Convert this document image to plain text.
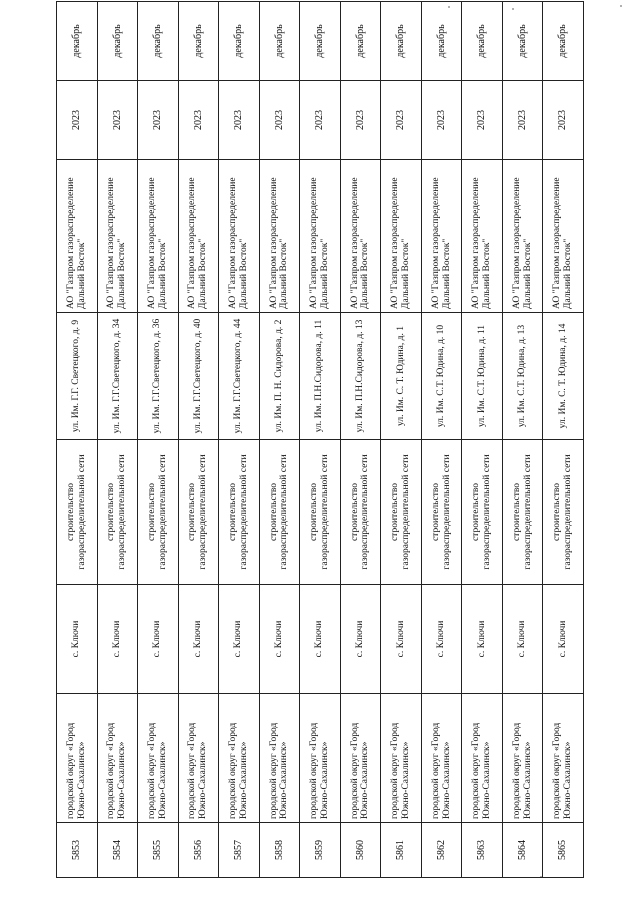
5853	городской округ «Город Южно-Сахалинск»	с. Ключи	строительство газораспределительной сети	ул. Им. Г.Г. Светецкого, д. 9	АО "Газпром газораспределение Дальний Восток"	2023	декабрь
5854	городской округ «Город Южно-Сахалинск»	с. Ключи	строительство газораспределительной сети	ул. Им. Г.Г.Светецкого, д. 34	АО "Газпром газораспределение Дальний Восток"	2023	декабрь
5855	городской округ «Город Южно-Сахалинск»	с. Ключи	строительство газораспределительной сети	ул. Им. Г.Г.Светецкого, д. 36	АО "Газпром газораспределение Дальний Восток"	2023	декабрь
5856	городской округ «Город Южно-Сахалинск»	с. Ключи	строительство газораспределительной сети	ул. Им. Г.Г.Светецкого, д. 40	АО "Газпром газораспределение Дальний Восток"	2023	декабрь
5857	городской округ «Город Южно-Сахалинск»	с. Ключи	строительство газораспределительной сети	ул. Им. Г.Г.Светецкого, д. 44	АО "Газпром газораспределение Дальний Восток"	2023	декабрь
5858	городской округ «Город Южно-Сахалинск»	с. Ключи	строительство газораспределительной сети	ул. Им. П. Н. Сидорова, д. 2	АО "Газпром газораспределение Дальний Восток"	2023	декабрь
5859	городской округ «Город Южно-Сахалинск»	с. Ключи	строительство газораспределительной сети	ул. Им. П.Н.Сидорова, д. 11	АО "Газпром газораспределение Дальний Восток"	2023	декабрь
5860	городской округ «Город Южно-Сахалинск»	с. Ключи	строительство газораспределительной сети	ул. Им. П.Н.Сидорова, д. 13	АО "Газпром газораспределение Дальний Восток"	2023	декабрь
5861	городской округ «Город Южно-Сахалинск»	с. Ключи	строительство газораспределительной сети	ул. Им. С. Т. Юдина, д. 1	АО "Газпром газораспределение Дальний Восток"	2023	декабрь
5862	городской округ «Город Южно-Сахалинск»	с. Ключи	строительство газораспределительной сети	ул. Им. С.Т. Юдина, д. 10	АО "Газпром газораспределение Дальний Восток"	2023	декабрь
5863	городской округ «Город Южно-Сахалинск»	с. Ключи	строительство газораспределительной сети	ул. Им. С.Т. Юдина, д. 11	АО "Газпром газораспределение Дальний Восток"	2023	декабрь
5864	городской округ «Город Южно-Сахалинск»	с. Ключи	строительство газораспределительной сети	ул. Им. С.Т. Юдина, д. 13	АО "Газпром газораспределение Дальний Восток"	2023	декабрь
5865	городской округ «Город Южно-Сахалинск»	с. Ключи	строительство газораспределительной сети	ул. Им. С. Т. Юдина, д. 14	АО "Газпром газораспределение Дальний Восток"	2023	декабрь
